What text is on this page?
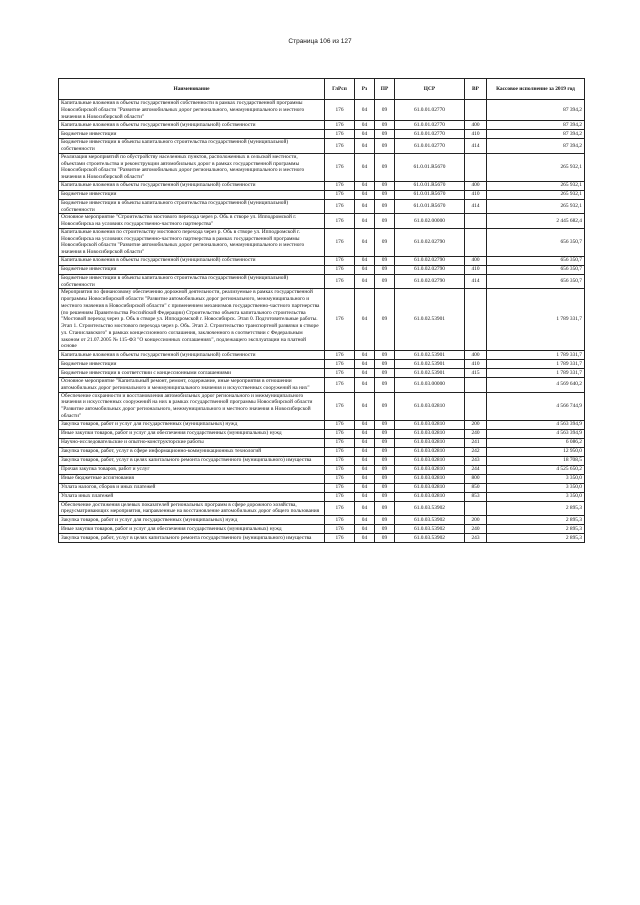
Страница 106 из 127
Наименование	ГлРсп	Рз	ПР	ЦСР	ВР	Кассовое исполнение за 2019 год
Капитальные вложения в объекты государственной собственности в рамках государственной программы Новосибирской области "Развитие автомобильных дорог регионального, межмуниципального и местного значения в Новосибирской области"	176	04	09	61.0.01.02770		87 394,2
Капитальные вложения в объекты государственной (муниципальной) собственности	176	04	09	61.0.01.02770	400	87 394,2
Бюджетные инвестиции	176	04	09	61.0.01.02770	410	87 394,2
Бюджетные инвестиции в объекты капитального строительства государственной (муниципальной) собственности	176	04	09	61.0.01.02770	414	87 394,2
Реализация мероприятий по обустройству населенных пунктов, расположенных в сельской местности, объектами строительства и реконструкции автомобильных дорог в рамках государственной программы Новосибирской области "Развитие автомобильных дорог регионального, межмуниципального и местного значения в Новосибирской области"	176	04	09	61.0.01.R5670		265 932,1
Капитальные вложения в объекты государственной (муниципальной) собственности	176	04	09	61.0.01.R5670	400	265 932,1
Бюджетные инвестиции	176	04	09	61.0.01.R5670	410	265 932,1
Бюджетные инвестиции в объекты капитального строительства государственной (муниципальной) собственности	176	04	09	61.0.01.R5670	414	265 932,1
Основное мероприятие "Строительство мостового перехода через р. Обь в створе ул. Ипподромской г. Новосибирска на условиях государственно-частного партнерства"	176	04	09	61.0.02.00000		2 445 682,4
Капитальные вложения по строительству мостового перехода через р. Обь в створе ул. Ипподромской г. Новосибирска на условиях государственно-частного партнерства в рамках государственной программы Новосибирской области "Развитие автомобильных дорог регионального, межмуниципального и местного значения в Новосибирской области"	176	04	09	61.0.02.02790		656 350,7
Капитальные вложения в объекты государственной (муниципальной) собственности	176	04	09	61.0.02.02790	400	656 350,7
Бюджетные инвестиции	176	04	09	61.0.02.02790	410	656 350,7
Бюджетные инвестиции в объекты капитального строительства государственной (муниципальной) собственности	176	04	09	61.0.02.02790	414	656 350,7
Мероприятия по финансовому обеспечению дорожной деятельности, реализуемые в рамках государственной программы Новосибирской области "Развитие автомобильных дорог регионального, межмуниципального и местного значения в Новосибирской области" с применением механизмов государственно-частного партнерства (по решениям Правительства Российской Федерации) Строительство объекта капитального строительства "Мостовой переход через р. Обь в створе ул. Ипподромской г. Новосибирск. Этап 0. Подготовительные работы. Этап 1. Строительство мостового перехода через р. Обь. Этап 2. Строительство транспортной развязки в створе ул. Станиславского" в рамках концессионного соглашения, заключенного в соответствии с Федеральным законом от 21.07.2005 № 115-ФЗ "О концессионных соглашениях", подлежащего эксплуатации на платной основе	176	04	09	61.0.02.53901		1 789 331,7
Капитальные вложения в объекты государственной (муниципальной) собственности	176	04	09	61.0.02.53901	400	1 789 331,7
Бюджетные инвестиции	176	04	09	61.0.02.53901	410	1 789 331,7
Бюджетные инвестиции в соответствии с концессионными соглашениями	176	04	09	61.0.02.53901	415	1 789 331,7
Основное мероприятие "Капитальный ремонт, ремонт, содержание, иные мероприятия в отношении автомобильных дорог регионального и межмуниципального значения и искусственных сооружений на них"	176	04	09	61.0.03.00000		4 569 640,2
Обеспечение сохранности и восстановления автомобильных дорог регионального и межмуниципального значения и искусственных сооружений на них в рамках государственной программы Новосибирской области "Развитие автомобильных дорог регионального, межмуниципального и местного значения в Новосибирской области"	176	04	09	61.0.03.02810		4 566 744,9
Закупка товаров, работ и услуг для государственных (муниципальных) нужд	176	04	09	61.0.03.02810	200	4 563 394,9
Иные закупки товаров, работ и услуг для обеспечения государственных (муниципальных) нужд	176	04	09	61.0.03.02810	240	4 563 394,9
Научно-исследовательские и опытно-конструкторские работы	176	04	09	61.0.03.02810	241	6 086,2
Закупка товаров, работ, услуг в сфере информационно-коммуникационных технологий	176	04	09	61.0.03.02810	242	12 950,0
Закупка товаров, работ, услуг в целях капитального ремонта государственного (муниципального) имущества	176	04	09	61.0.03.02810	243	18 708,5
Прочая закупка товаров, работ и услуг	176	04	09	61.0.03.02810	244	4 525 650,2
Иные бюджетные ассигнования	176	04	09	61.0.03.02810	800	3 350,0
Уплата налогов, сборов и иных платежей	176	04	09	61.0.03.02810	850	3 350,0
Уплата иных платежей	176	04	09	61.0.03.02810	853	3 350,0
Обеспечение достижения целевых показателей региональных программ в сфере дорожного хозяйства, предусматривающих мероприятия, направленные на восстановление автомобильных дорог общего пользования	176	04	09	61.0.03.53902		2 895,3
Закупка товаров, работ и услуг для государственных (муниципальных) нужд	176	04	09	61.0.03.53902	200	2 895,3
Иные закупки товаров, работ и услуг для обеспечения государственных (муниципальных) нужд	176	04	09	61.0.03.53902	240	2 895,3
Закупка товаров, работ, услуг в целях капитального ремонта государственного (муниципального) имущества	176	04	09	61.0.03.53902	243	2 895,3
